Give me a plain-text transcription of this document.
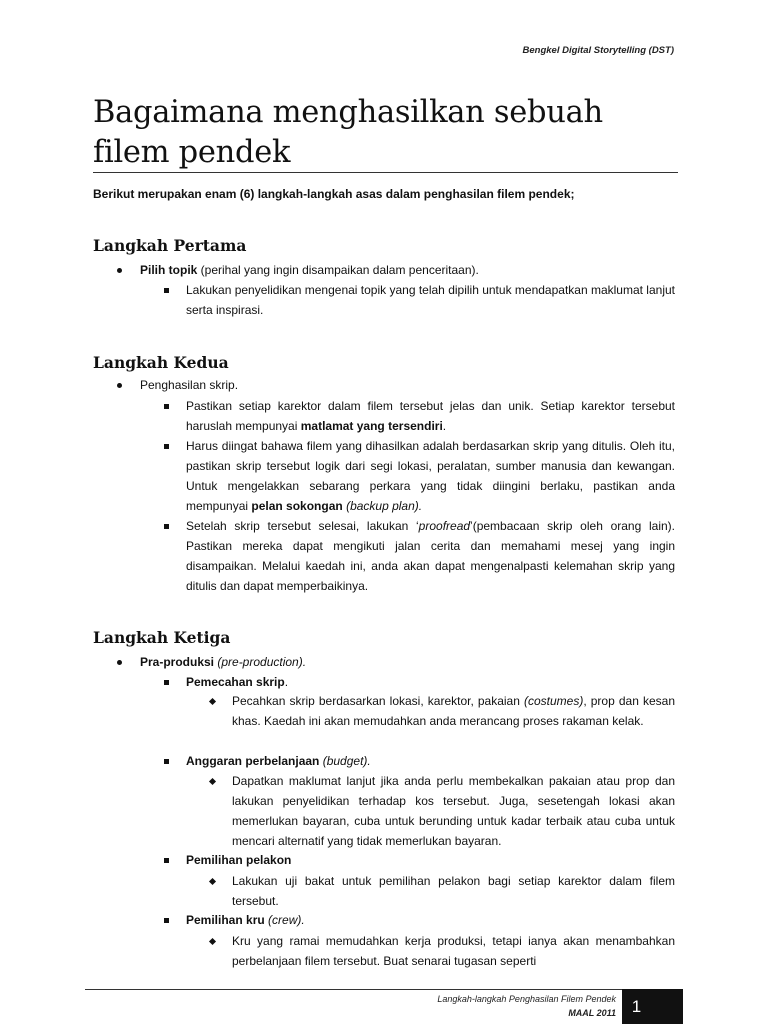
Bengkel Digital Storytelling (DST)
Bagaimana menghasilkan sebuah filem pendek
Berikut merupakan enam (6) langkah-langkah asas dalam penghasilan filem pendek;
Langkah Pertama
Pilih topik (perihal yang ingin disampaikan dalam penceritaan).
Lakukan penyelidikan mengenai topik yang telah dipilih untuk mendapatkan maklumat lanjut serta inspirasi.
Langkah Kedua
Penghasilan skrip.
Pastikan setiap karektor dalam filem tersebut jelas dan unik. Setiap karektor tersebut haruslah mempunyai matlamat yang tersendiri.
Harus diingat bahawa filem yang dihasilkan adalah berdasarkan skrip yang ditulis. Oleh itu, pastikan skrip tersebut logik dari segi lokasi, peralatan, sumber manusia dan kewangan. Untuk mengelakkan sebarang perkara yang tidak diingini berlaku, pastikan anda mempunyai pelan sokongan (backup plan).
Setelah skrip tersebut selesai, lakukan ‘proofread’(pembacaan skrip oleh orang lain). Pastikan mereka dapat mengikuti jalan cerita dan memahami mesej yang ingin disampaikan. Melalui kaedah ini, anda akan dapat mengenalpasti kelemahan skrip yang ditulis dan dapat memperbaikinya.
Langkah Ketiga
Pra-produksi (pre-production).
Pemecahan skrip.
Pecahkan skrip berdasarkan lokasi, karektor, pakaian (costumes), prop dan kesan khas. Kaedah ini akan memudahkan anda merancang proses rakaman kelak.
Anggaran perbelanjaan (budget).
Dapatkan maklumat lanjut jika anda perlu membekalkan pakaian atau prop dan lakukan penyelidikan terhadap kos tersebut. Juga, sesetengah lokasi akan memerlukan bayaran, cuba untuk berunding untuk kadar terbaik atau cuba untuk mencari alternatif yang tidak memerlukan bayaran.
Pemilihan pelakon
Lakukan uji bakat untuk pemilihan pelakon bagi setiap karektor dalam filem tersebut.
Pemilihan kru (crew).
Kru yang ramai memudahkan kerja produksi, tetapi ianya akan menambahkan perbelanjaan filem tersebut. Buat senarai tugasan seperti
Langkah-langkah Penghasilan Filem Pendek
MAAL 2011 1
